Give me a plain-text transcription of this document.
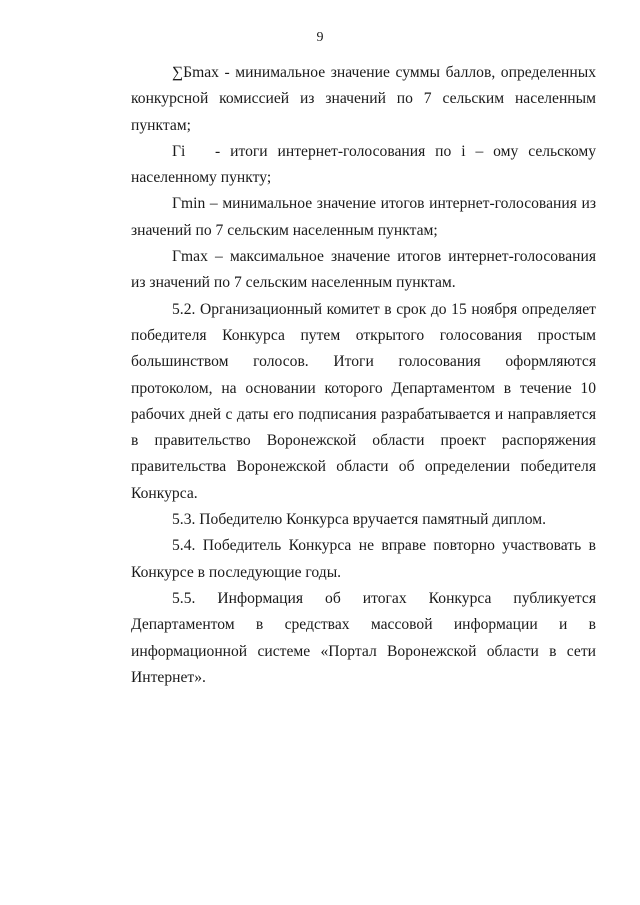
9

∑Бmax - минимальное значение суммы баллов, определенных конкурсной комиссией из значений по 7 сельским населенным пунктам;

Гi   - итоги интернет-голосования по i – ому сельскому населенному пункту;

Гmin – минимальное значение итогов интернет-голосования из значений по 7 сельским населенным пунктам;

Гmax – максимальное значение итогов интернет-голосования из значений по 7 сельским населенным пунктам.

5.2. Организационный комитет в срок до 15 ноября определяет победителя Конкурса путем открытого голосования простым большинством голосов. Итоги голосования оформляются протоколом, на основании которого Департаментом в течение 10 рабочих дней с даты его подписания разрабатывается и направляется в правительство Воронежской области проект распоряжения правительства Воронежской области об определении победителя Конкурса.

5.3. Победителю Конкурса вручается памятный диплом.

5.4. Победитель Конкурса не вправе повторно участвовать в Конкурсе в последующие годы.

5.5. Информация об итогах Конкурса публикуется Департаментом в средствах массовой информации и в информационной системе «Портал Воронежской области в сети Интернет».
